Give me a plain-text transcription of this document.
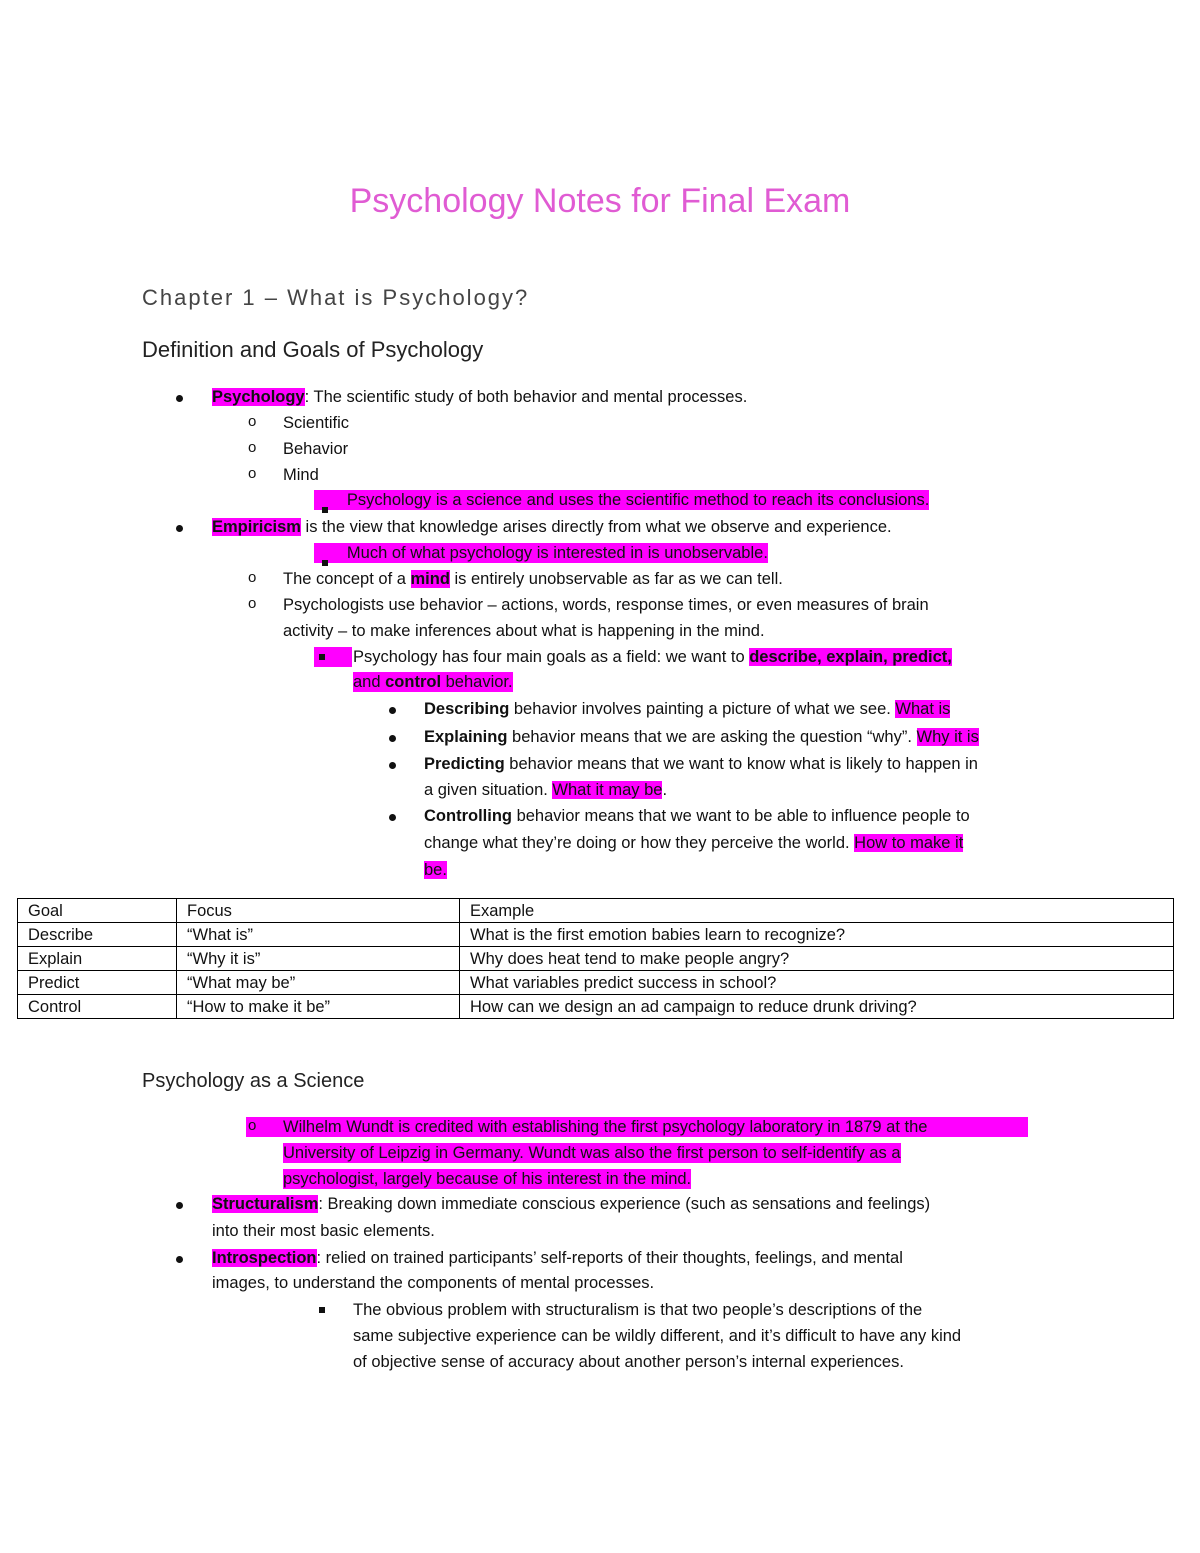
Psychology Notes for Final Exam
Chapter 1 – What is Psychology?
Definition and Goals of Psychology
Psychology: The scientific study of both behavior and mental processes.
o Scientific
o Behavior
o Mind
Psychology is a science and uses the scientific method to reach its conclusions.
Empiricism is the view that knowledge arises directly from what we observe and experience.
Much of what psychology is interested in is unobservable.
o The concept of a mind is entirely unobservable as far as we can tell.
o Psychologists use behavior – actions, words, response times, or even measures of brain
activity – to make inferences about what is happening in the mind.
Psychology has four main goals as a field: we want to describe, explain, predict,
and control behavior.
Describing behavior involves painting a picture of what we see. What is
Explaining behavior means that we are asking the question “why”. Why it is
Predicting behavior means that we want to know what is likely to happen in
a given situation. What it may be.
Controlling behavior means that we want to be able to influence people to
change what they’re doing or how they perceive the world. How to make it
be.
Goal	Focus	Example
Describe	“What is”	What is the first emotion babies learn to recognize?
Explain	“Why it is”	Why does heat tend to make people angry?
Predict	“What may be”	What variables predict success in school?
Control	“How to make it be”	How can we design an ad campaign to reduce drunk driving?
Psychology as a Science
o Wilhelm Wundt is credited with establishing the first psychology laboratory in 1879 at the
University of Leipzig in Germany. Wundt was also the first person to self-identify as a
psychologist, largely because of his interest in the mind.
Structuralism: Breaking down immediate conscious experience (such as sensations and feelings)
into their most basic elements.
Introspection: relied on trained participants’ self-reports of their thoughts, feelings, and mental
images, to understand the components of mental processes.
The obvious problem with structuralism is that two people’s descriptions of the
same subjective experience can be wildly different, and it’s difficult to have any kind
of objective sense of accuracy about another person’s internal experiences.
